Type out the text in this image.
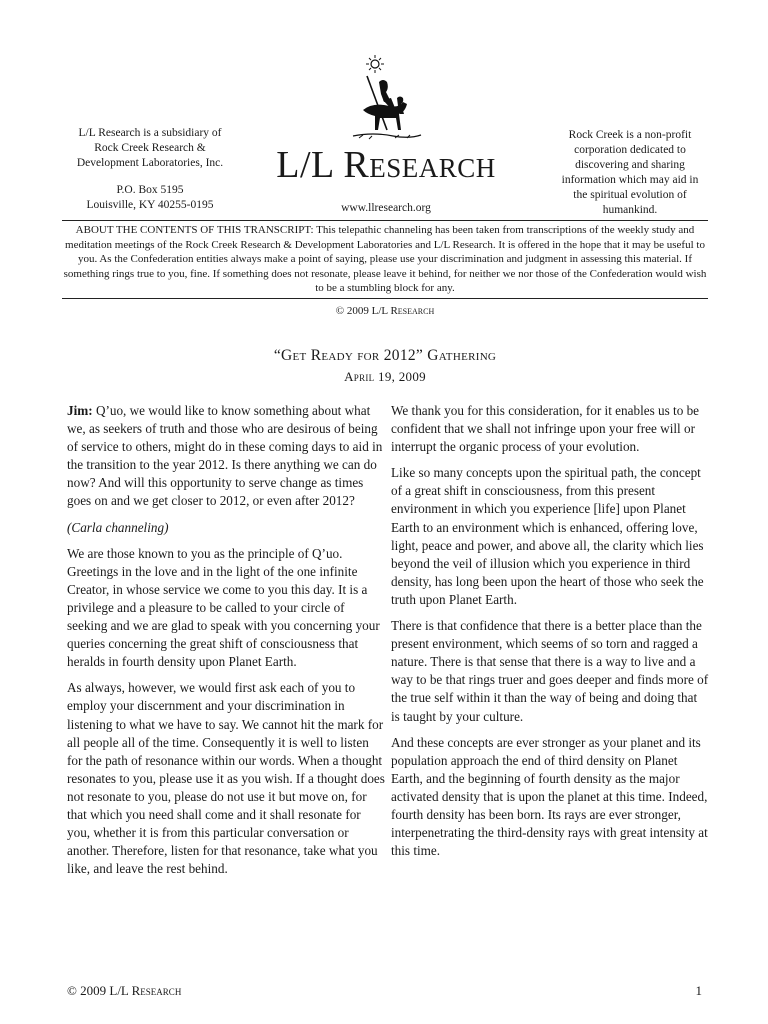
L/L Research is a subsidiary of
Rock Creek Research &
Development Laboratories, Inc.
P.O. Box 5195
Louisville, KY 40255-0195
L/L Research
www.llresearch.org
Rock Creek is a non-profit
corporation dedicated to
discovering and sharing
information which may aid in
the spiritual evolution of
humankind.
ABOUT THE CONTENTS OF THIS TRANSCRIPT: This telepathic channeling has been taken from transcriptions of the weekly study and meditation meetings of the Rock Creek Research & Development Laboratories and L/L Research. It is offered in the hope that it may be useful to you. As the Confederation entities always make a point of saying, please use your discrimination and judgment in assessing this material. If something rings true to you, fine. If something does not resonate, please leave it behind, for neither we nor those of the Confederation would wish to be a stumbling block for any.
© 2009 L/L Research
“Get Ready for 2012” Gathering
April 19, 2009

Jim: Q’uo, we would like to know something about what we, as seekers of truth and those who are desirous of being of service to others, might do in these coming days to aid in the transition to the year 2012. Is there anything we can do now? And will this opportunity to serve change as times goes on and we get closer to 2012, or even after 2012?

(Carla channeling)

We are those known to you as the principle of Q’uo. Greetings in the love and in the light of the one infinite Creator, in whose service we come to you this day. It is a privilege and a pleasure to be called to your circle of seeking and we are glad to speak with you concerning your queries concerning the great shift of consciousness that heralds in fourth density upon Planet Earth.

As always, however, we would first ask each of you to employ your discernment and your discrimination in listening to what we have to say. We cannot hit the mark for all people all of the time. Consequently it is well to listen for the path of resonance within our words. When a thought resonates to you, please use it as you wish. If a thought does not resonate to you, please do not use it but move on, for that which you need shall come and it shall resonate for you, whether it is from this particular conversation or another. Therefore, listen for that resonance, take what you like, and leave the rest behind.

We thank you for this consideration, for it enables us to be confident that we shall not infringe upon your free will or interrupt the organic process of your evolution.

Like so many concepts upon the spiritual path, the concept of a great shift in consciousness, from this present environment in which you experience [life] upon Planet Earth to an environment which is enhanced, offering love, light, peace and power, and above all, the clarity which lies beyond the veil of illusion which you experience in third density, has long been upon the heart of those who seek the truth upon Planet Earth.

There is that confidence that there is a better place than the present environment, which seems of so torn and ragged a nature. There is that sense that there is a way to live and a way to be that rings truer and goes deeper and finds more of the true self within it than the way of being and doing that is taught by your culture.

And these concepts are ever stronger as your planet and its population approach the end of third density on Planet Earth, and the beginning of fourth density as the major activated density that is upon the planet at this time. Indeed, fourth density has been born. Its rays are ever stronger, interpenetrating the third-density rays with great intensity at this time.

© 2009 L/L Research	1
